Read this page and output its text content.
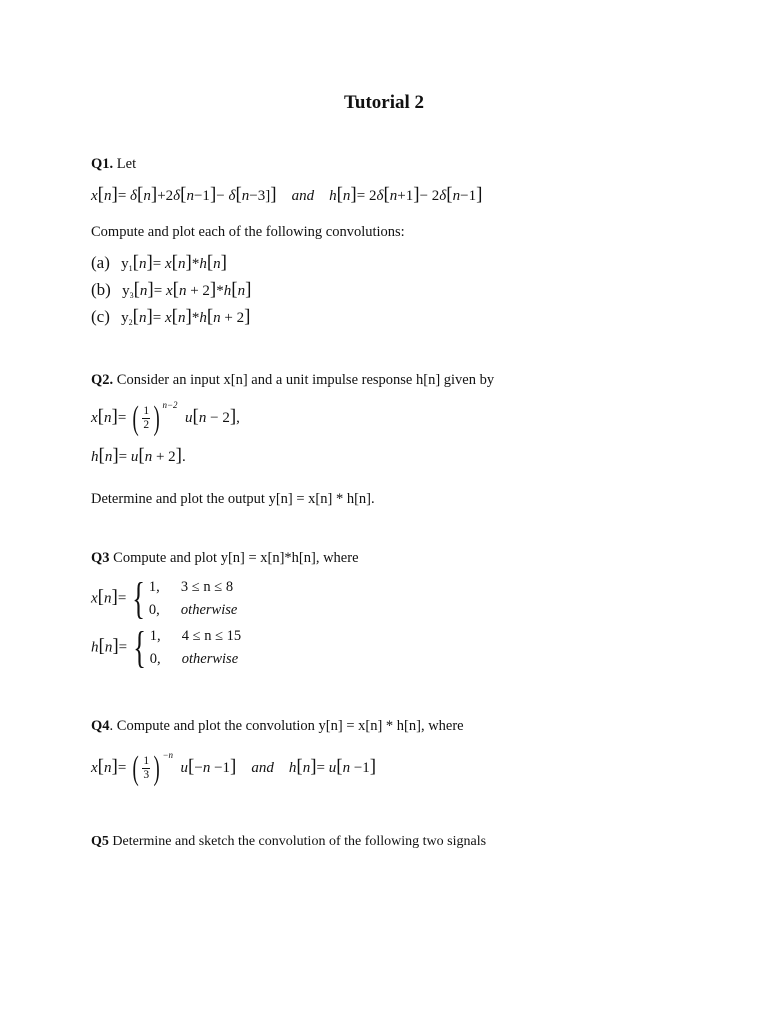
Tutorial 2
Q1. Let
x[n]= δ[n]+2δ[n−1]− δ[n−3]] and h[n]= 2δ[n+1]− 2δ[n−1]
Compute and plot each of the following convolutions:
(a) $y_1[n]= x[n]*h[n]$
(b) $y_3[n]= x[n + 2]*h[n]$
(c) $y_2[n]= x[n]*h[n + 2]$
Q2. Consider an input x[n] and a unit impulse response h[n] given by
x[n]= ( $\frac{1}{2}$ ) $^{n-2}$  u[n − 2],
h[n]= u[n + 2].
Determine and plot the output y[n] = x[n] * h[n].
Q3 Compute and plot y[n] = x[n]*h[n], where
x[n]= { 1, 3 ≤ n ≤ 8
0, otherwise
h[n]= { 1, 4 ≤ n ≤ 15
0, otherwise
Q4. Compute and plot the convolution y[n] = x[n] * h[n], where
x[n]= ( $\frac{1}{3}$ ) $^{-n}$  u[−n −1] and h[n]= u[n −1]
Q5 Determine and sketch the convolution of the following two signals
